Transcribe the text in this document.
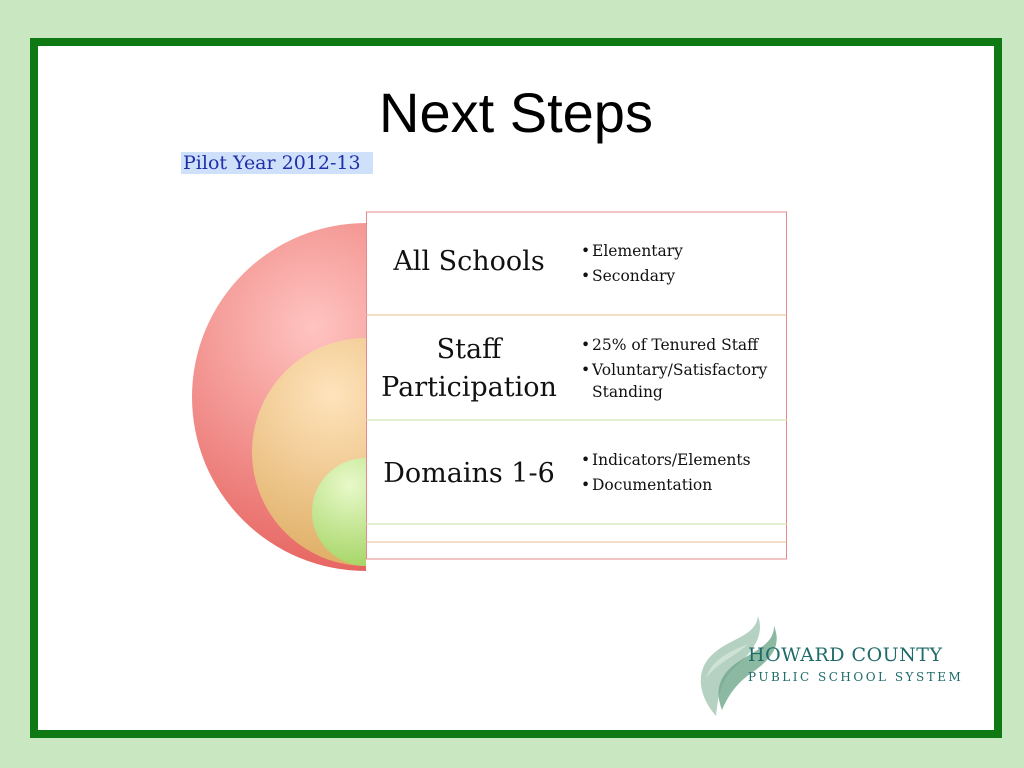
Next Steps
Pilot Year 2012-13
All Schools	• Elementary
• Secondary
Staff
Participation
• 25% of Tenured Staff
• Voluntary/Satisfactory
Standing
Domains 1-6	• Indicators/Elements
• Documentation
HOWARD COUNTY
PUBLIC SCHOOL SYSTEM
